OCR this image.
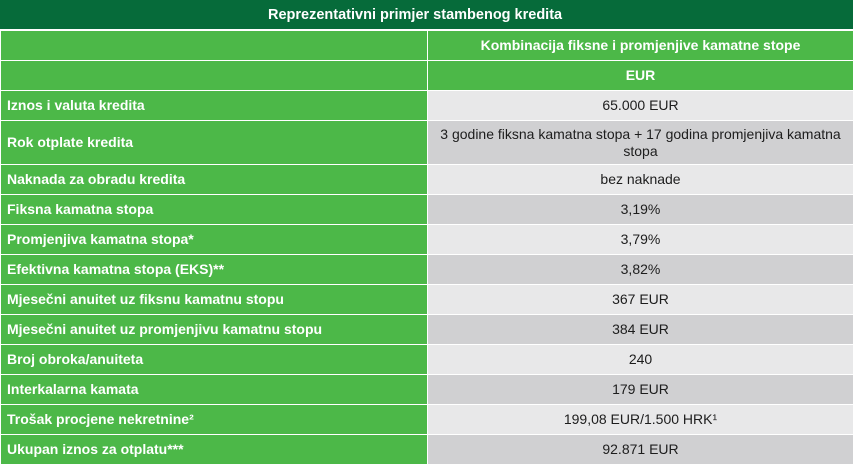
Reprezentativni primjer stambenog kredita
	Kombinacija fiksne i promjenjive kamatne stope
	EUR
Iznos i valuta kredita	65.000 EUR
Rok otplate kredita	3 godine fiksna kamatna stopa + 17 godina promjenjiva kamatna stopa
Naknada za obradu kredita	bez naknade
Fiksna kamatna stopa	3,19%
Promjenjiva kamatna stopa*	3,79%
Efektivna kamatna stopa (EKS)**	3,82%
Mjesečni anuitet uz fiksnu kamatnu stopu	367 EUR
Mjesečni anuitet uz promjenjivu kamatnu stopu	384 EUR
Broj obroka/anuiteta	240
Interkalarna kamata	179 EUR
Trošak procjene nekretnine²	199,08 EUR/1.500 HRK¹
Ukupan iznos za otplatu***	92.871 EUR
